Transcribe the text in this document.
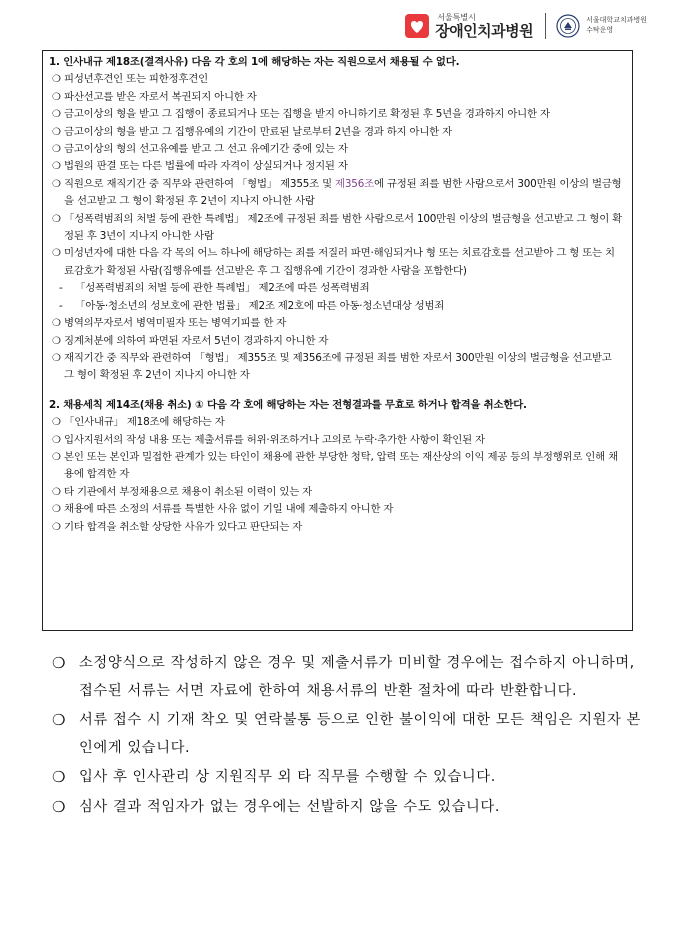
서울특별시
장애인치과병원
서울대학교치과병원
수탁운영
1. 인사내규 제18조(결격사유) 다음 각 호의 1에 해당하는 자는 직원으로서 채용될 수 없다.
❍ 피성년후견인 또는 피한정후견인
❍ 파산선고를 받은 자로서 복권되지 아니한 자
❍ 금고이상의 형을 받고 그 집행이 종료되거나 또는 집행을 받지 아니하기로 확정된 후 5년을 경과하지 아니한 자
❍ 금고이상의 형을 받고 그 집행유예의 기간이 만료된 날로부터 2년을 경과 하지 아니한 자
❍ 금고이상의 형의 선고유예를 받고 그 선고 유예기간 중에 있는 자
❍ 법원의 판결 또는 다른 법률에 따라 자격이 상실되거나 정지된 자
❍ 직원으로 재직기간 중 직무와 관련하여 「형법」 제355조 및 제356조에 규정된 죄를 범한 사람으로서 300만원 이상의 벌금형을 선고받고 그 형이 확정된 후 2년이 지나지 아니한 사람
❍ 「성폭력범죄의 처벌 등에 관한 특례법」 제2조에 규정된 죄를 범한 사람으로서 100만원 이상의 벌금형을 선고받고 그 형이 확정된 후 3년이 지나지 아니한 사람
❍ 미성년자에 대한 다음 각 목의 어느 하나에 해당하는 죄를 저질러 파면·해임되거나 형 또는 치료감호를 선고받아 그 형 또는 치료감호가 확정된 사람(집행유예를 선고받은 후 그 집행유예 기간이 경과한 사람을 포함한다)
- 「성폭력범죄의 처벌 등에 관한 특례법」 제2조에 따른 성폭력범죄
- 「아동·청소년의 성보호에 관한 법률」 제2조 제2호에 따른 아동·청소년대상 성범죄
❍ 병역의무자로서 병역미필자 또는 병역기피를 한 자
❍ 징계처분에 의하여 파면된 자로서 5년이 경과하지 아니한 자
❍ 재직기간 중 직무와 관련하여 「형법」 제355조 및 제356조에 규정된 죄를 범한 자로서 300만원 이상의 벌금형을 선고받고 그 형이 확정된 후 2년이 지나지 아니한 자
2. 채용세칙 제14조(채용 취소) ① 다음 각 호에 해당하는 자는 전형결과를 무효로 하거나 합격을 취소한다.
❍ 「인사내규」 제18조에 해당하는 자
❍ 입사지원서의 작성 내용 또는 제출서류를 허위·위조하거나 고의로 누락·추가한 사항이 확인된 자
❍ 본인 또는 본인과 밀접한 관계가 있는 타인이 채용에 관한 부당한 청탁, 압력 또는 재산상의 이익 제공 등의 부정행위로 인해 채용에 합격한 자
❍ 타 기관에서 부정채용으로 채용이 취소된 이력이 있는 자
❍ 채용에 따른 소정의 서류를 특별한 사유 없이 기일 내에 제출하지 아니한 자
❍ 기타 합격을 취소할 상당한 사유가 있다고 판단되는 자
❍ 소정양식으로 작성하지 않은 경우 및 제출서류가 미비할 경우에는 접수하지 아니하며, 접수된 서류는 서면 자료에 한하여 채용서류의 반환 절차에 따라 반환합니다.
❍ 서류 접수 시 기재 착오 및 연락불통 등으로 인한 불이익에 대한 모든 책임은 지원자 본인에게 있습니다.
❍ 입사 후 인사관리 상 지원직무 외 타 직무를 수행할 수 있습니다.
❍ 심사 결과 적임자가 없는 경우에는 선발하지 않을 수도 있습니다.
